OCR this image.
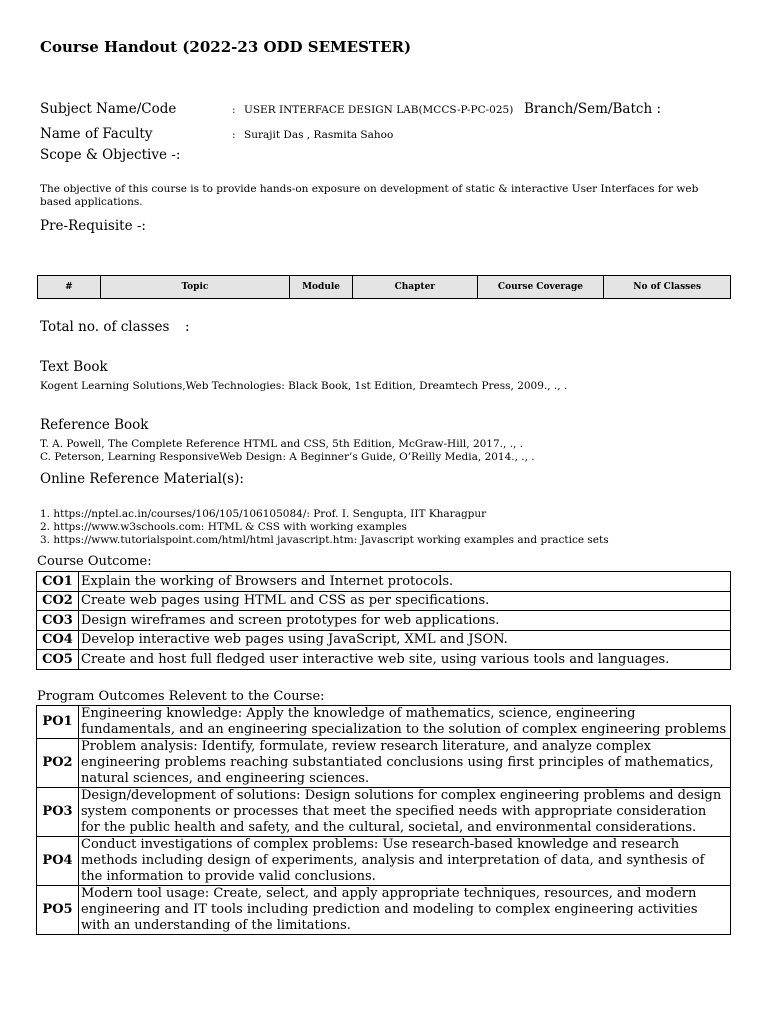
Course Handout (2022-23 ODD SEMESTER)
Subject Name/Code	: USER INTERFACE DESIGN LAB(MCCS-P-PC-025) Branch/Sem/Batch :
Name of Faculty	: Surajit Das , Rasmita Sahoo
Scope & Objective -:
The objective of this course is to provide hands-on exposure on development of static & interactive User Interfaces for web based applications.
Pre-Requisite -:
#	Topic	Module	Chapter	Course Coverage	No of Classes
Total no. of classes :
Text Book
Kogent Learning Solutions,Web Technologies: Black Book, 1st Edition, Dreamtech Press, 2009., ., .
Reference Book
T. A. Powell, The Complete Reference HTML and CSS, 5th Edition, McGraw-Hill, 2017., ., .
C. Peterson, Learning ResponsiveWeb Design: A Beginner’s Guide, O’Reilly Media, 2014., ., .
Online Reference Material(s):
1. https://nptel.ac.in/courses/106/105/106105084/: Prof. I. Sengupta, IIT Kharagpur
2. https://www.w3schools.com: HTML & CSS with working examples
3. https://www.tutorialspoint.com/html/html javascript.htm: Javascript working examples and practice sets
Course Outcome:
CO1	Explain the working of Browsers and Internet protocols.
CO2	Create web pages using HTML and CSS as per specifications.
CO3	Design wireframes and screen prototypes for web applications.
CO4	Develop interactive web pages using JavaScript, XML and JSON.
CO5	Create and host full fledged user interactive web site, using various tools and languages.
Program Outcomes Relevent to the Course:
PO1	Engineering knowledge: Apply the knowledge of mathematics, science, engineering fundamentals, and an engineering specialization to the solution of complex engineering problems
PO2	Problem analysis: Identify, formulate, review research literature, and analyze complex engineering problems reaching substantiated conclusions using first principles of mathematics, natural sciences, and engineering sciences.
PO3	Design/development of solutions: Design solutions for complex engineering problems and design system components or processes that meet the specified needs with appropriate consideration for the public health and safety, and the cultural, societal, and environmental considerations.
PO4	Conduct investigations of complex problems: Use research-based knowledge and research methods including design of experiments, analysis and interpretation of data, and synthesis of the information to provide valid conclusions.
PO5	Modern tool usage: Create, select, and apply appropriate techniques, resources, and modern engineering and IT tools including prediction and modeling to complex engineering activities with an understanding of the limitations.
